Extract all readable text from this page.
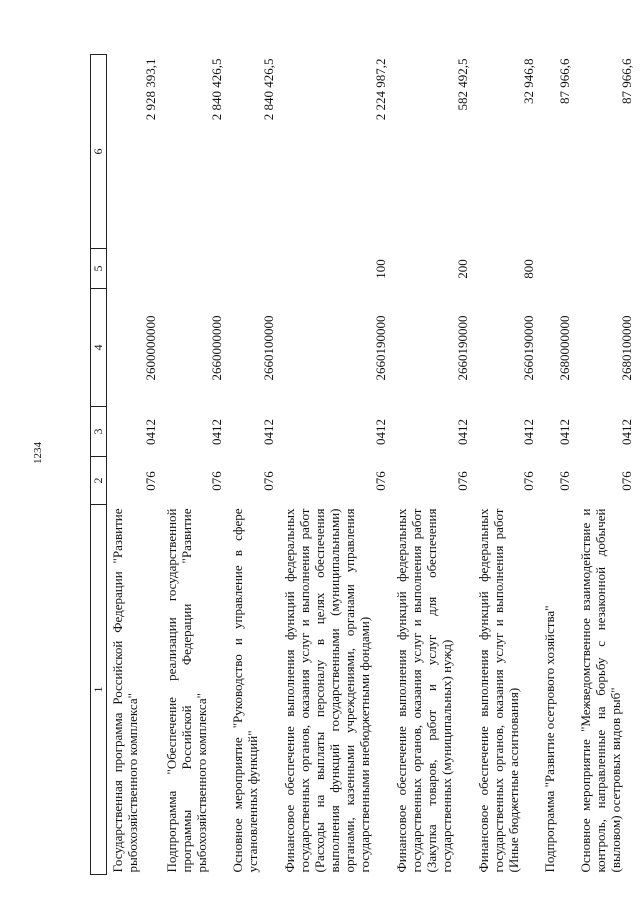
1234
1	2	3	4	5	6
Государственная программа Российской Федерации "Развитие рыбохозяйственного комплекса"	076	0412	2600000000		2 928 393,1
Подпрограмма "Обеспечение реализации государственной программы Российской Федерации "Развитие рыбохозяйственного комплекса"	076	0412	2660000000		2 840 426,5
Основное мероприятие "Руководство и управление в сфере установленных функций"	076	0412	2660100000		2 840 426,5
Финансовое обеспечение выполнения функций федеральных государственных органов, оказания услуг и выполнения работ (Расходы на выплаты персоналу в целях обеспечения выполнения функций государственными (муниципальными) органами, казенными учреждениями, органами управления государственными внебюджетными фондами)	076	0412	2660190000	100	2 224 987,2
Финансовое обеспечение выполнения функций федеральных государственных органов, оказания услуг и выполнения работ (Закупка товаров, работ и услуг для обеспечения государственных (муниципальных) нужд)	076	0412	2660190000	200	582 492,5
Финансовое обеспечение выполнения функций федеральных государственных органов, оказания услуг и выполнения работ (Иные бюджетные ассигнования)	076	0412	2660190000	800	32 946,8
Подпрограмма "Развитие осетрового хозяйства"	076	0412	2680000000		87 966,6
Основное мероприятие "Межведомственное взаимодействие и контроль, направленные на борьбу с незаконной добычей (выловом) осетровых видов рыб"	076	0412	2680100000		87 966,6
